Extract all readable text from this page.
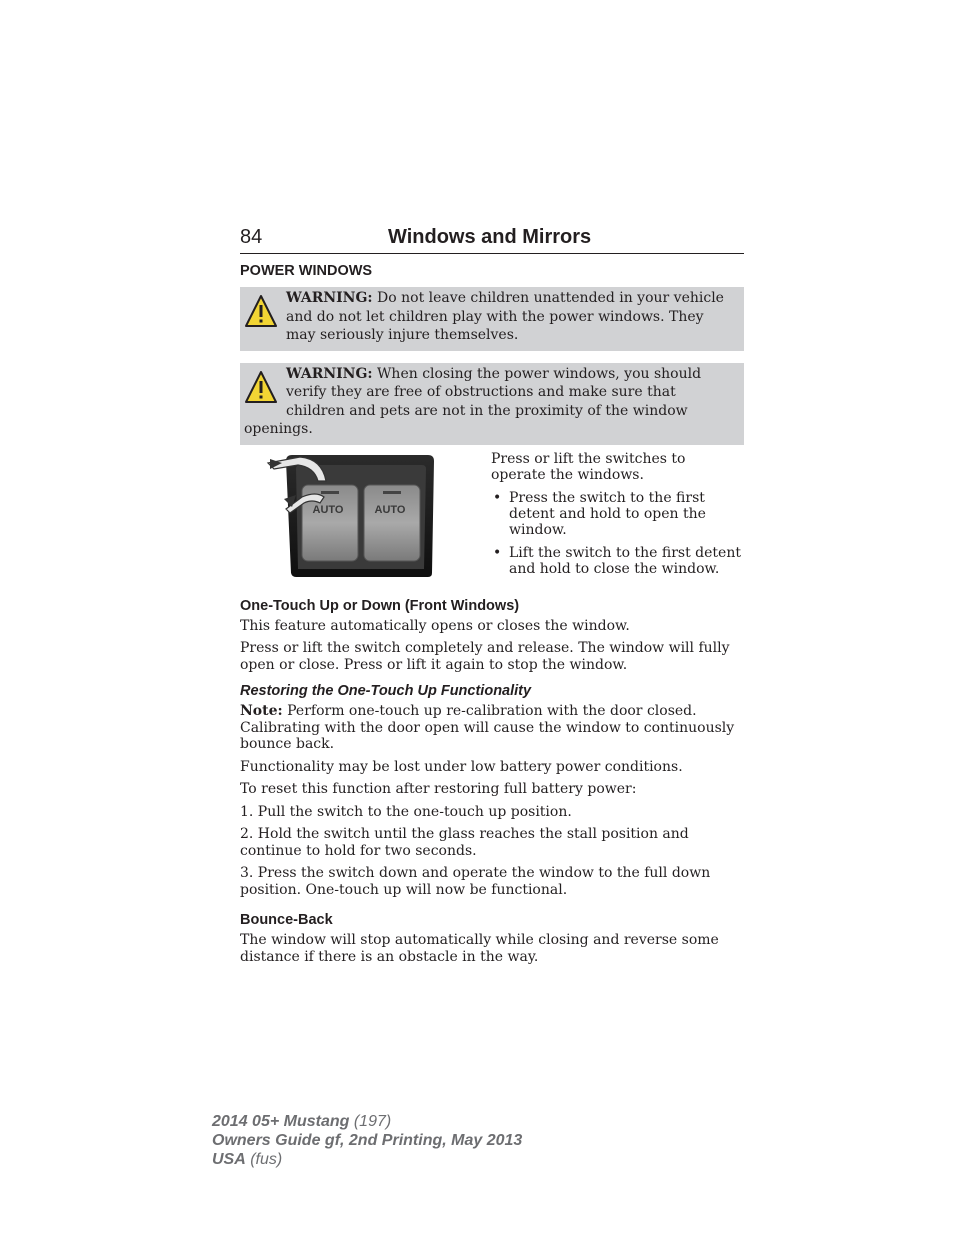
84	Windows and Mirrors
POWER WINDOWS
WARNING: Do not leave children unattended in your vehicle and do not let children play with the power windows. They may seriously injure themselves.
WARNING: When closing the power windows, you should verify they are free of obstructions and make sure that children and pets are not in the proximity of the window openings.
AUTO	AUTO

Press or lift the switches to operate the windows.

• Press the switch to the first detent and hold to open the window.
• Lift the switch to the first detent and hold to close the window.
One-Touch Up or Down (Front Windows)

This feature automatically opens or closes the window.

Press or lift the switch completely and release. The window will fully open or close. Press or lift it again to stop the window.

Restoring the One-Touch Up Functionality

Note: Perform one-touch up re-calibration with the door closed. Calibrating with the door open will cause the window to continuously bounce back.

Functionality may be lost under low battery power conditions.

To reset this function after restoring full battery power:

1. Pull the switch to the one-touch up position.

2. Hold the switch until the glass reaches the stall position and continue to hold for two seconds.

3. Press the switch down and operate the window to the full down position. One-touch up will now be functional.

Bounce-Back

The window will stop automatically while closing and reverse some distance if there is an obstacle in the way.

2014 05+ Mustang (197)
Owners Guide gf, 2nd Printing, May 2013
USA (fus)
